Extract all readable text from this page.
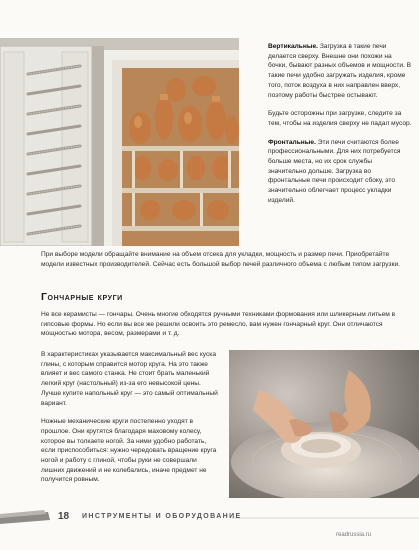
Вертикальные. Загрузка в такие печи делается сверху. Внешне они похожи на бочки, бывают разных объемов и мощности. В такие печи удобно загружать изделия, кроме того, поток воздуха в них направлен вверх, поэтому работы быстрее остывают.

Будьте осторожны при загрузке, следите за тем, чтобы на изделия сверху не падал мусор.

Фронтальные. Эти печи считаются более профессиональными. Для них потребуется больше места, но их срок службы значительно дольше. Загрузка во фронтальные печи происходит сбоку, это значительно облегчает процесс укладки изделий.

При выборе модели обращайте внимание на объем отсека для укладки, мощность и размер печи. Приобретайте модели известных производителей. Сейчас есть большой выбор печей различного объема с любым типом загрузки.
Гончарные круги
Не все керамисты — гончары. Очень многие обходятся ручными техниками формования или шликерным литьем в гипсовые формы. Но если вы все же решили освоить это ремесло, вам нужен гончарный круг. Они отличаются мощностью мотора, весом, размерами и т. д.

В характеристиках указывается максимальный вес куска глины, с которым справится мотор круга. На это также влияет и вес самого станка. Не стоит брать маленький легкий круг (настольный) из-за его невысокой цены. Лучше купите напольный круг — это самый оптимальный вариант.

Ножные механические круги постепенно уходят в прошлое. Они крутятся благодаря маховому колесу, которое вы толкаете ногой. За ними удобно работать, если приспособиться: нужно чередовать вращение круга ногой и работу с глиной, чтобы руки не совершали лишних движений и не колебались, иначе предмет не получится ровным.

18 ИНСТРУМЕНТЫ И ОБОРУДОВАНИЕ
readrussia.ru
